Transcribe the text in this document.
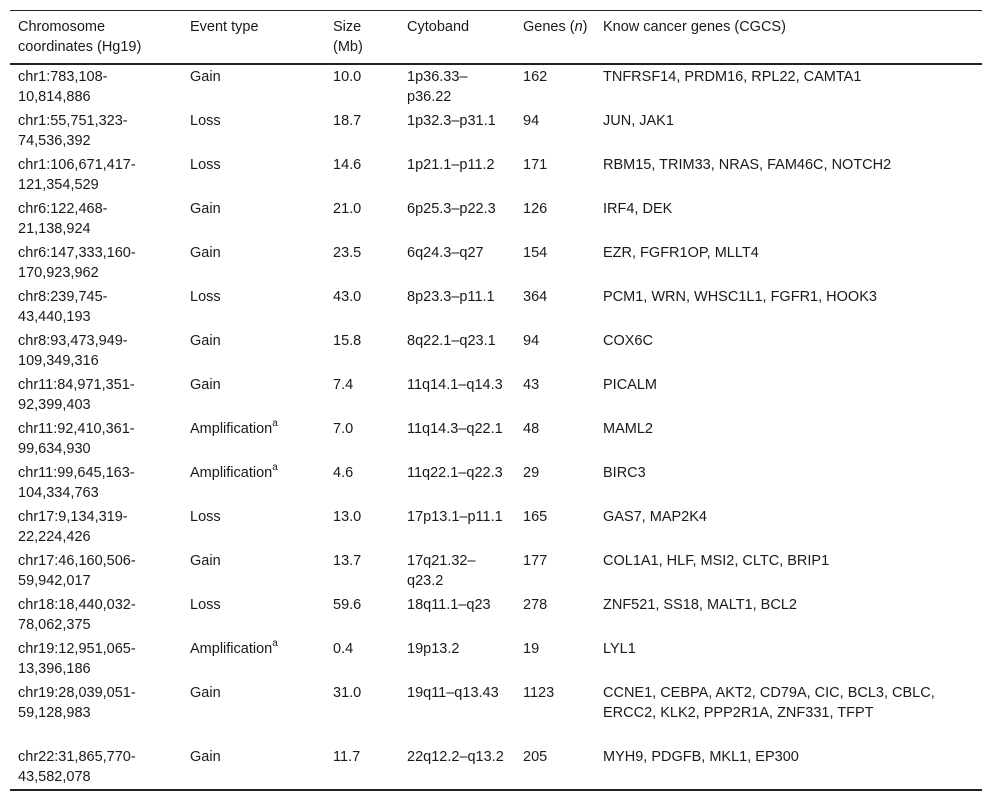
Chromosome coordinates (Hg19)	Event type	Size (Mb)	Cytoband	Genes (n)	Know cancer genes (CGCS)
chr1:783,108-10,814,886	Gain	10.0	1p36.33–p36.22	162	TNFRSF14, PRDM16, RPL22, CAMTA1
chr1:55,751,323-74,536,392	Loss	18.7	1p32.3–p31.1	94	JUN, JAK1
chr1:106,671,417-121,354,529	Loss	14.6	1p21.1–p11.2	171	RBM15, TRIM33, NRAS, FAM46C, NOTCH2
chr6:122,468-21,138,924	Gain	21.0	6p25.3–p22.3	126	IRF4, DEK
chr6:147,333,160-170,923,962	Gain	23.5	6q24.3–q27	154	EZR, FGFR1OP, MLLT4
chr8:239,745-43,440,193	Loss	43.0	8p23.3–p11.1	364	PCM1, WRN, WHSC1L1, FGFR1, HOOK3
chr8:93,473,949-109,349,316	Gain	15.8	8q22.1–q23.1	94	COX6C
chr11:84,971,351-92,399,403	Gain	7.4	11q14.1–q14.3	43	PICALM
chr11:92,410,361-99,634,930	Amplification$^a$	7.0	11q14.3–q22.1	48	MAML2
chr11:99,645,163-104,334,763	Amplification$^a$	4.6	11q22.1–q22.3	29	BIRC3
chr17:9,134,319-22,224,426	Loss	13.0	17p13.1–p11.1	165	GAS7, MAP2K4
chr17:46,160,506-59,942,017	Gain	13.7	17q21.32–q23.2	177	COL1A1, HLF, MSI2, CLTC, BRIP1
chr18:18,440,032-78,062,375	Loss	59.6	18q11.1–q23	278	ZNF521, SS18, MALT1, BCL2
chr19:12,951,065-13,396,186	Amplification$^a$	0.4	19p13.2	19	LYL1
chr19:28,039,051-59,128,983	Gain	31.0	19q11–q13.43	1123	CCNE1, CEBPA, AKT2, CD79A, CIC, BCL3, CBLC, ERCC2, KLK2, PPP2R1A, ZNF331, TFPT
chr22:31,865,770-43,582,078	Gain	11.7	22q12.2–q13.2	205	MYH9, PDGFB, MKL1, EP300
